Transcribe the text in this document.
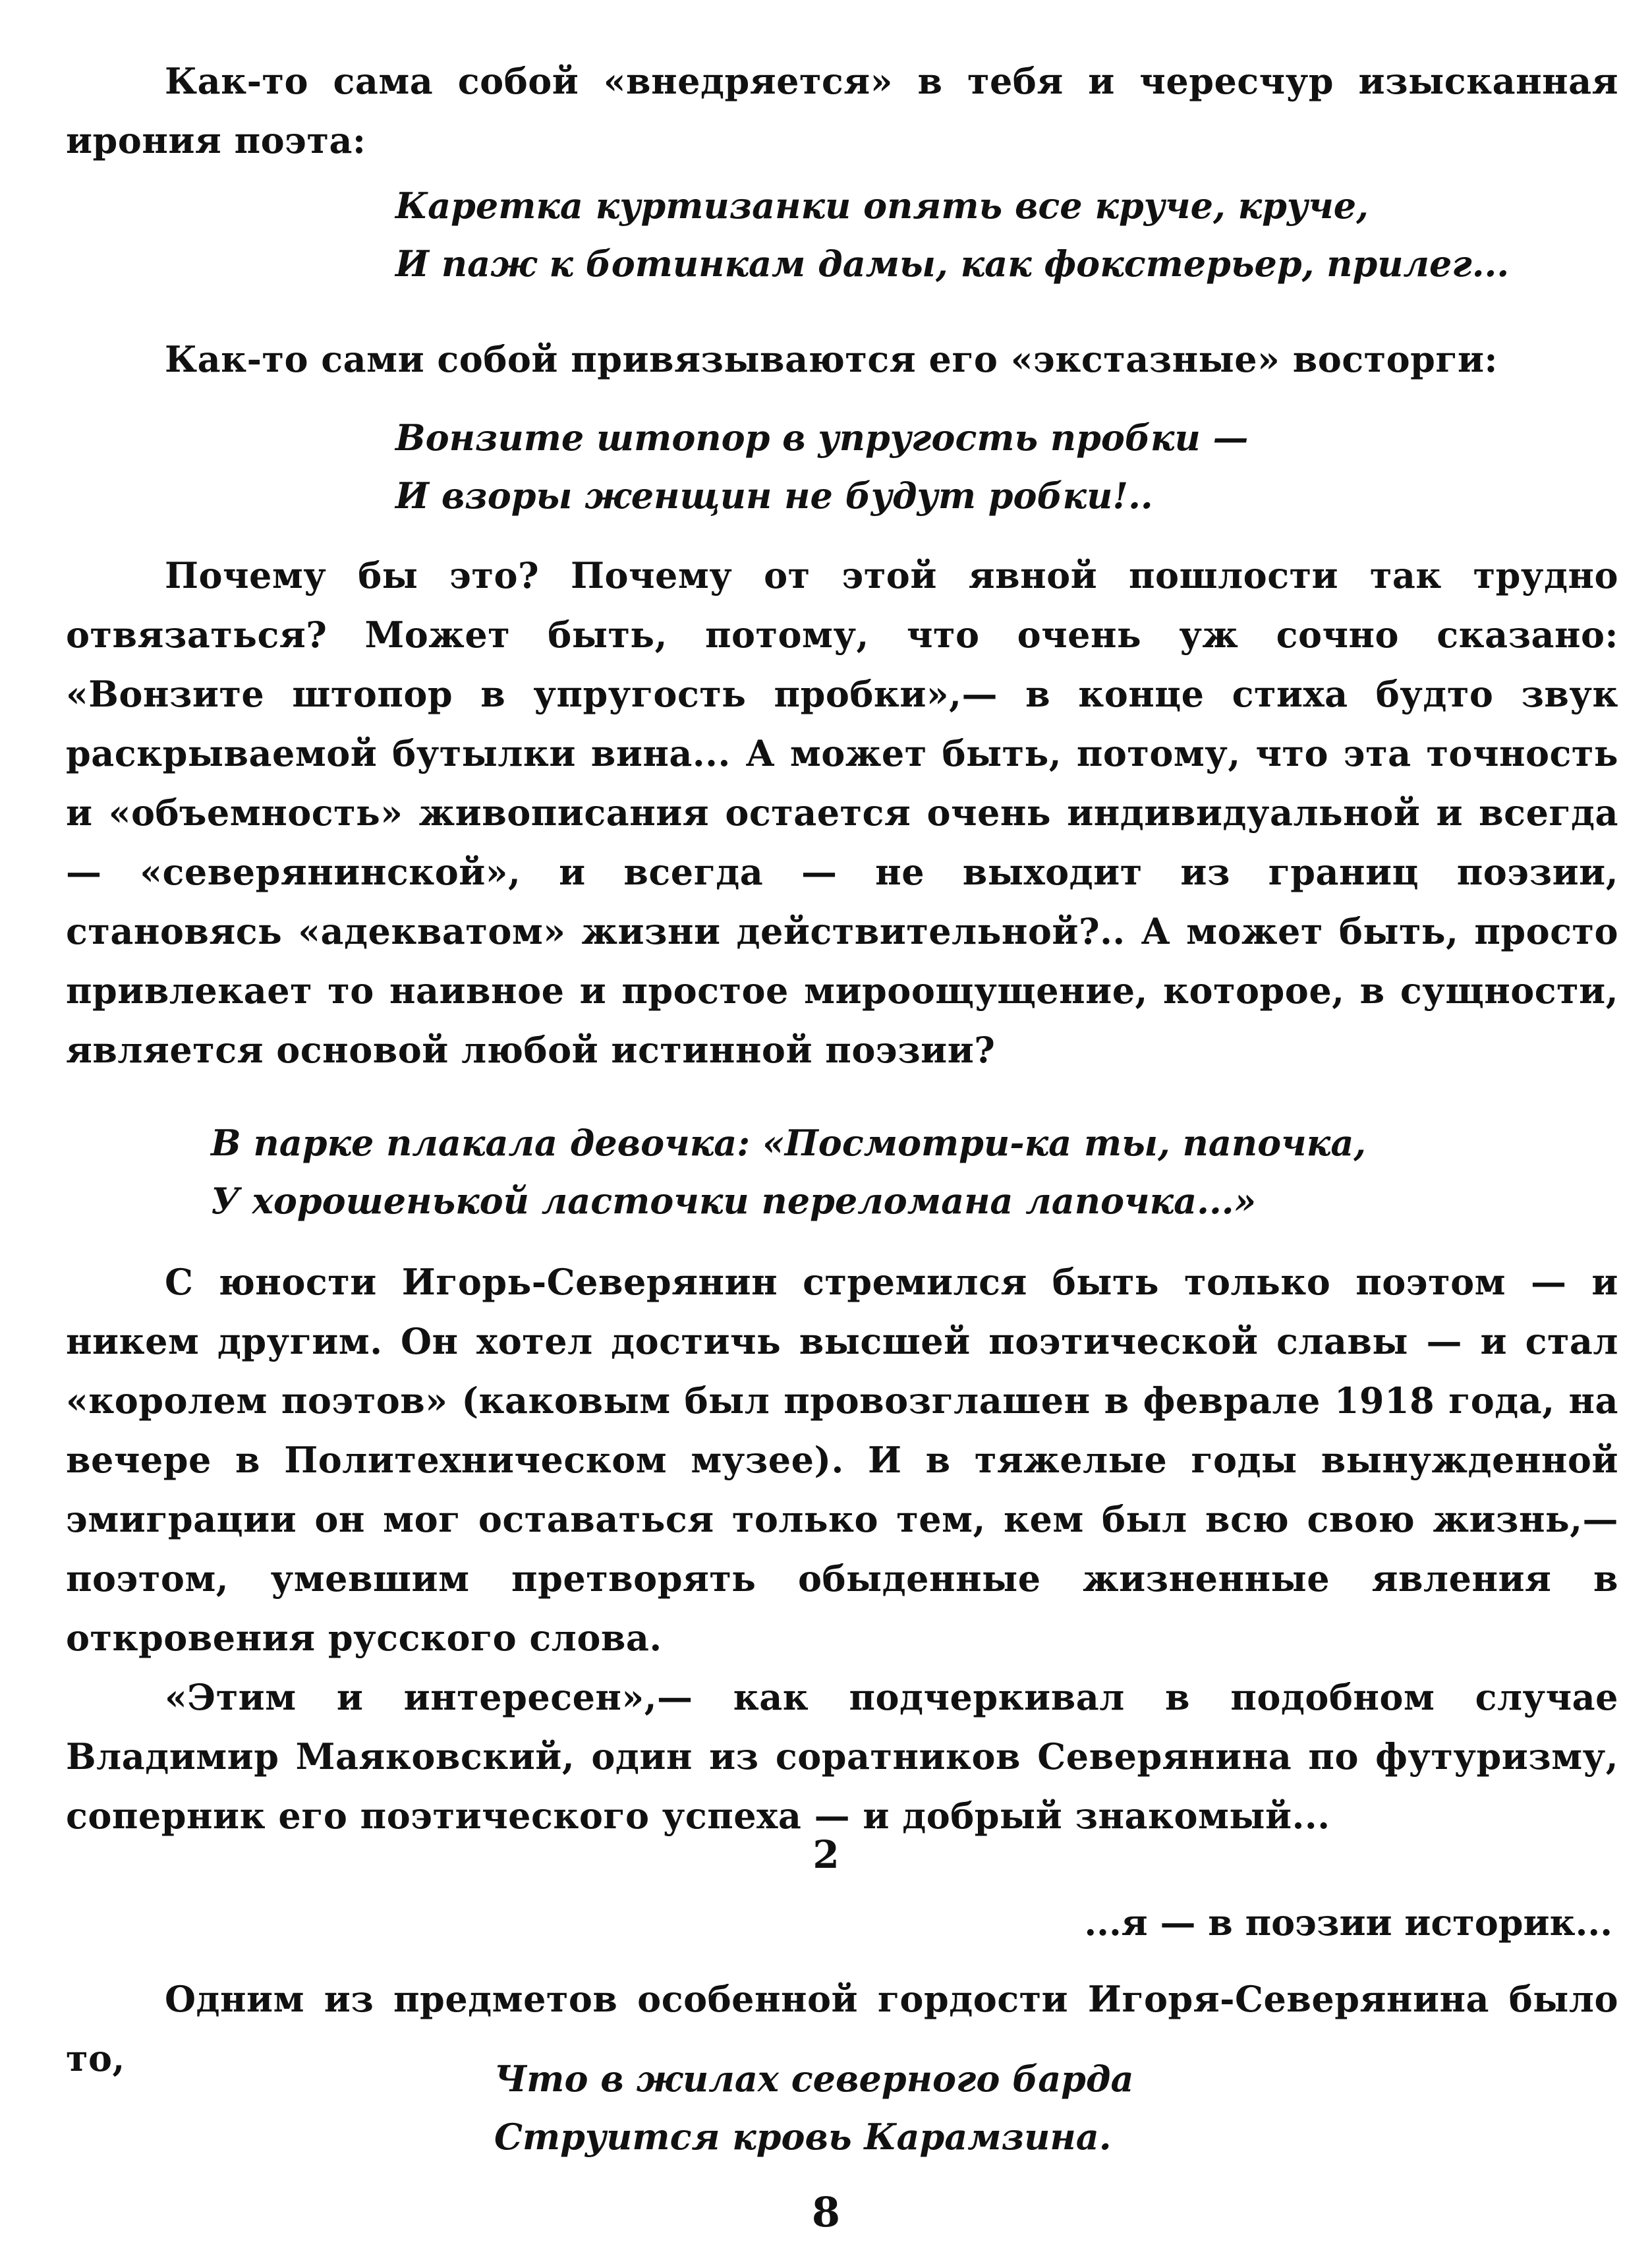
Как-то сама собой «внедряется» в тебя и чересчур изысканная ирония поэта:

Каретка куртизанки опять все круче, круче,
И паж к ботинкам дамы, как фокстерьер, прилег...

Как-то сами собой привязываются его «экстазные» восторги:

Вонзите штопор в упругость пробки —
И взоры женщин не будут робки!..

Почему бы это? Почему от этой явной пошлости так трудно отвязаться? Может быть, потому, что очень уж сочно сказано: «Вонзите штопор в упругость пробки»,— в конце стиха будто звук раскрываемой бутылки вина... А может быть, потому, что эта точность и «объемность» живописания остается очень индивидуальной и всегда — «северянинской», и всегда — не выходит из границ поэзии, становясь «адекватом» жизни действительной?.. А может быть, просто привлекает то наивное и простое мироощущение, которое, в сущности, является основой любой истинной поэзии?

В парке плакала девочка: «Посмотри-ка ты, папочка,
У хорошенькой ласточки переломана лапочка...»

С юности Игорь-Северянин стремился быть только поэтом — и никем другим. Он хотел достичь высшей поэтической славы — и стал «королем поэтов» (каковым был провозглашен в феврале 1918 года, на вечере в Политехническом музее). И в тяжелые годы вынужденной эмиграции он мог оставаться только тем, кем был всю свою жизнь,— поэтом, умевшим претворять обыденные жизненные явления в откровения русского слова.

«Этим и интересен»,— как подчеркивал в подобном случае Владимир Маяковский, один из соратников Северянина по футуризму, соперник его поэтического успеха — и добрый знакомый...

2
...я — в поэзии историк...

Одним из предметов особенной гордости Игоря-Северянина было то,	Что в жилах северного барда
Струится кровь Карамзина.
8
